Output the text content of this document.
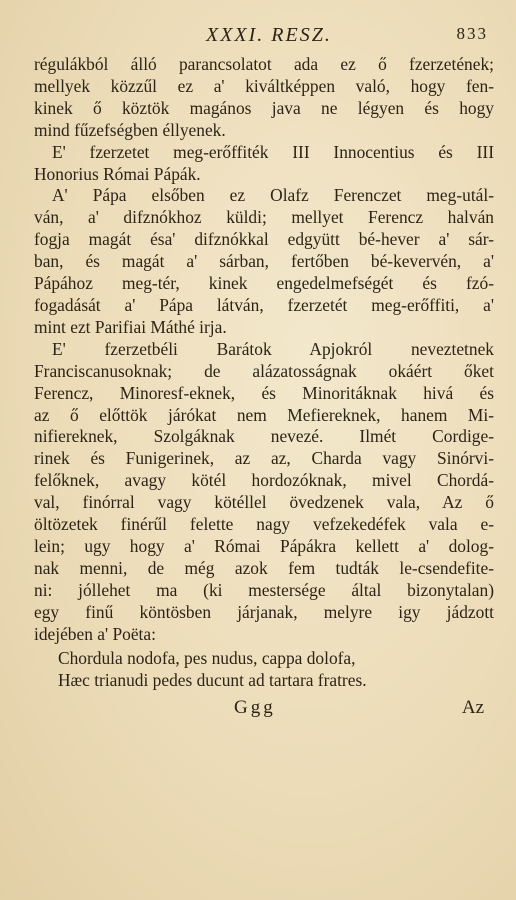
XXXI. RESZ.	833
régulákból álló parancsolatot ada ez ő fzerzetének;
mellyek közzűl ez a' kiváltképpen való, hogy fen-
kinek ő köztök magános java ne légyen és hogy
mind fűzefségben éllyenek.
E' fzerzetet meg-erőffiték III Innocentius és III
Honorius Római Pápák.
A' Pápa elsőben ez Olafz Ferenczet meg-utál-
ván, a' difznókhoz küldi; mellyet Ferencz halván
fogja magát ésa' difznókkal edgyütt bé-hever a' sár-
ban, és magát a' sárban, fertőben bé-kevervén, a'
Pápához meg-tér, kinek engedelmefségét és fzó-
fogadását a' Pápa látván, fzerzetét meg-erőffiti, a'
mint ezt Parifiai Máthé irja.
E' fzerzetbéli Barátok Apjokról neveztetnek
Franciscanusoknak; de alázatosságnak okáért őket
Ferencz, Minoresf-eknek, és Minoritáknak hivá és
az ő előttök járókat nem Mefiereknek, hanem Mi-
nifiereknek, Szolgáknak nevezé. Ilmét Cordige-
rinek és Funigerinek, az az, Charda vagy Sinórvi-
felőknek, avagy kötél hordozóknak, mivel Chordá-
val, finórral vagy kötéllel övedzenek vala, Az ő
öltözetek finérűl felette nagy vefzekedéfek vala e-
lein; ugy hogy a' Római Pápákra kellett a' dolog-
nak menni, de még azok fem tudták le-csendefite-
ni: jóllehet ma (ki mestersége által bizonytalan)
egy finű köntösben járjanak, melyre igy jádzott
idejében a' Poëta:
Chordula nodofa, pes nudus, cappa dolofa,
Hæc trianudi pedes ducunt ad tartara fratres.
Ggg	Az
